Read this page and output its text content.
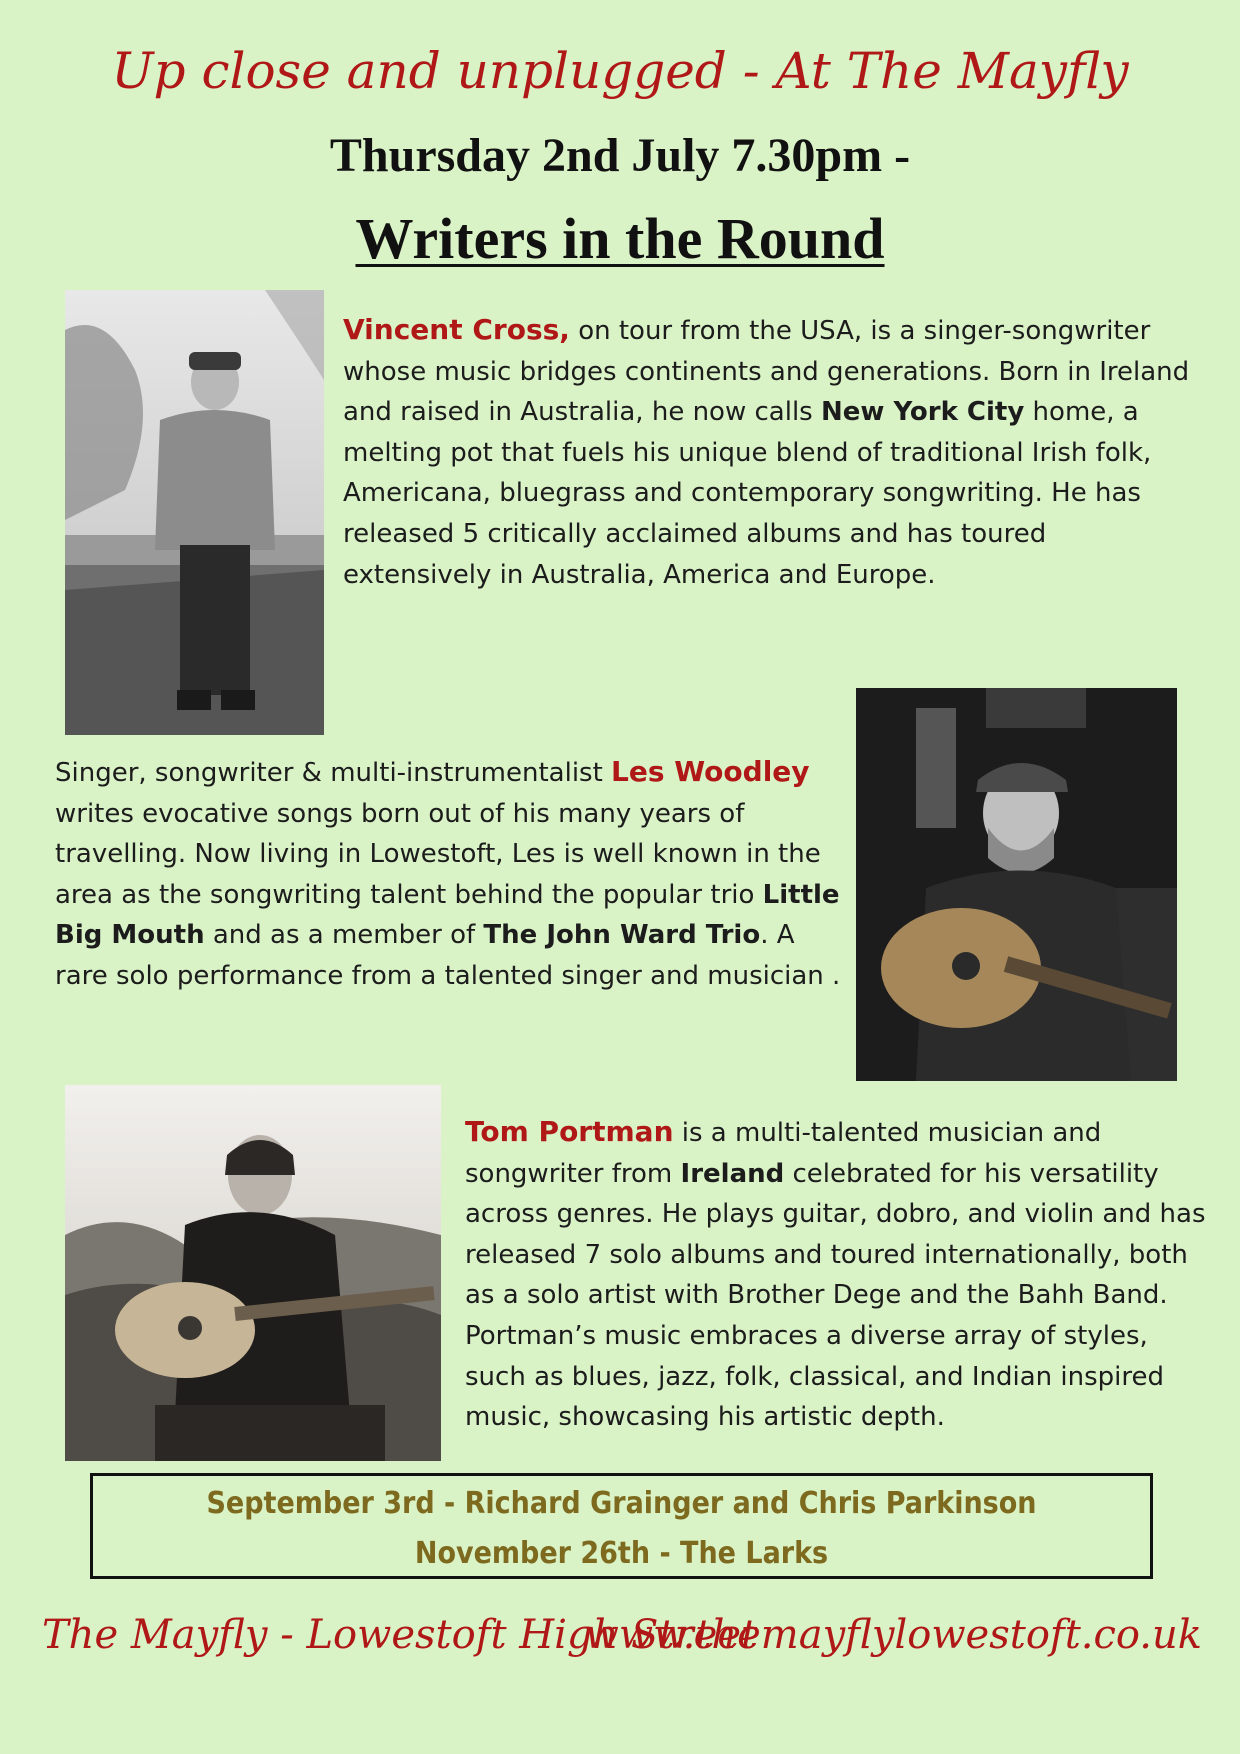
Up close and unplugged - At The Mayfly
Thursday 2nd July 7.30pm -
Writers in the Round
Vincent Cross, on tour from the USA, is a singer-songwriter whose music bridges continents and generations. Born in Ireland and raised in Australia, he now calls New York City home, a melting pot that fuels his unique blend of traditional Irish folk, Americana, bluegrass and contemporary songwriting. He has released 5 critically acclaimed albums and has toured extensively in Australia, America and Europe.
Singer, songwriter & multi-instrumentalist Les Woodley writes evocative songs born out of his many years of travelling. Now living in Lowestoft, Les is well known in the area as the songwriting talent behind the popular trio Little Big Mouth and as a member of The John Ward Trio. A rare solo performance from a talented singer and musician .
Tom Portman is a multi-talented musician and songwriter from Ireland celebrated for his versatility across genres. He plays guitar, dobro, and violin and has released 7 solo albums and toured internationally, both as a solo artist with Brother Dege and the Bahh Band. Portman’s music embraces a diverse array of styles, such as blues, jazz, folk, classical, and Indian inspired music, showcasing his artistic depth.
September 3rd - Richard Grainger and Chris Parkinson
November 26th - The Larks
The Mayfly - Lowestoft High Street
www.themayflylowestoft.co.uk
